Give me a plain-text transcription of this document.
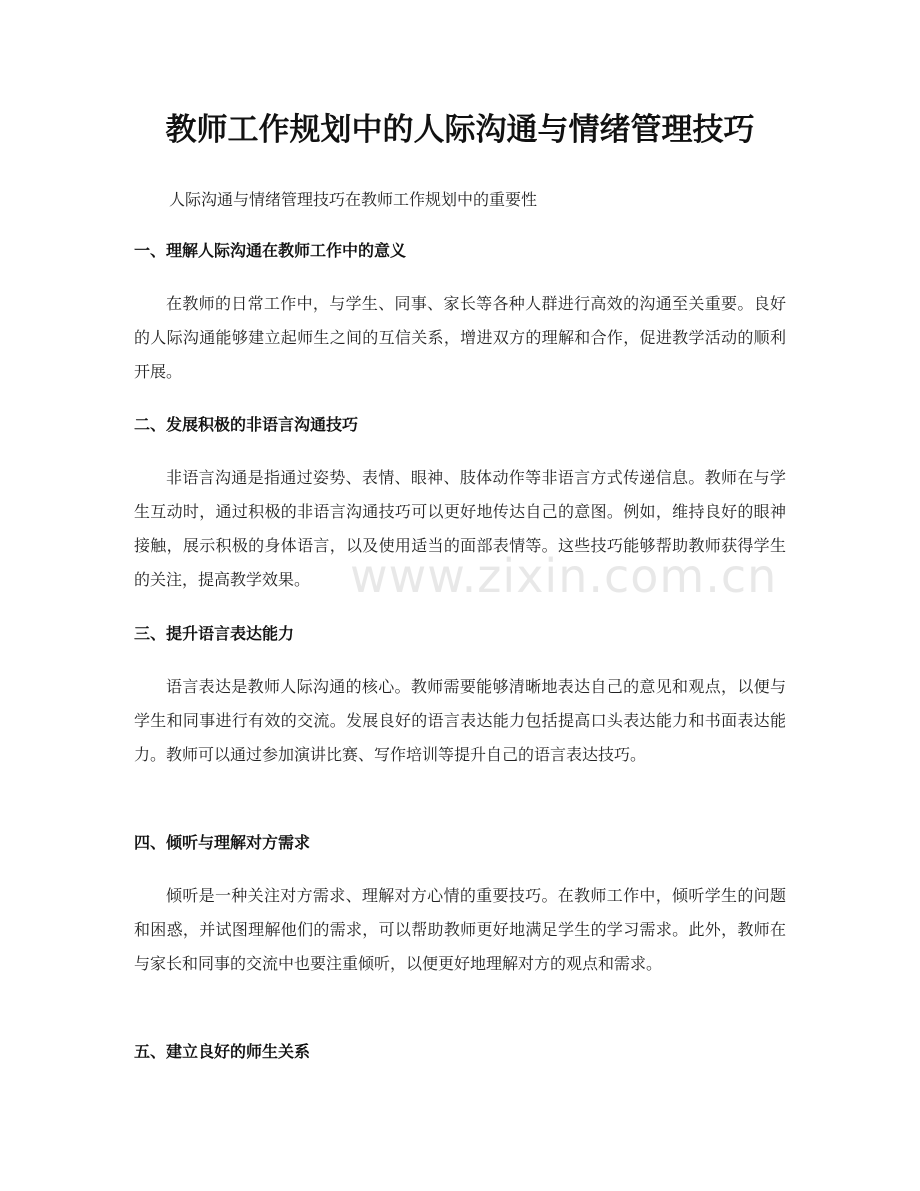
教师工作规划中的人际沟通与情绪管理技巧

人际沟通与情绪管理技巧在教师工作规划中的重要性

一、理解人际沟通在教师工作中的意义

在教师的日常工作中，与学生、同事、家长等各种人群进行高效的沟通至关重要。良好的人际沟通能够建立起师生之间的互信关系，增进双方的理解和合作，促进教学活动的顺利开展。

二、发展积极的非语言沟通技巧

非语言沟通是指通过姿势、表情、眼神、肢体动作等非语言方式传递信息。教师在与学生互动时，通过积极的非语言沟通技巧可以更好地传达自己的意图。例如，维持良好的眼神接触，展示积极的身体语言，以及使用适当的面部表情等。这些技巧能够帮助教师获得学生的关注，提高教学效果。

三、提升语言表达能力

语言表达是教师人际沟通的核心。教师需要能够清晰地表达自己的意见和观点，以便与学生和同事进行有效的交流。发展良好的语言表达能力包括提高口头表达能力和书面表达能力。教师可以通过参加演讲比赛、写作培训等提升自己的语言表达技巧。

四、倾听与理解对方需求

倾听是一种关注对方需求、理解对方心情的重要技巧。在教师工作中，倾听学生的问题和困惑，并试图理解他们的需求，可以帮助教师更好地满足学生的学习需求。此外，教师在与家长和同事的交流中也要注重倾听，以便更好地理解对方的观点和需求。

五、建立良好的师生关系
www.zixin.com.cn
